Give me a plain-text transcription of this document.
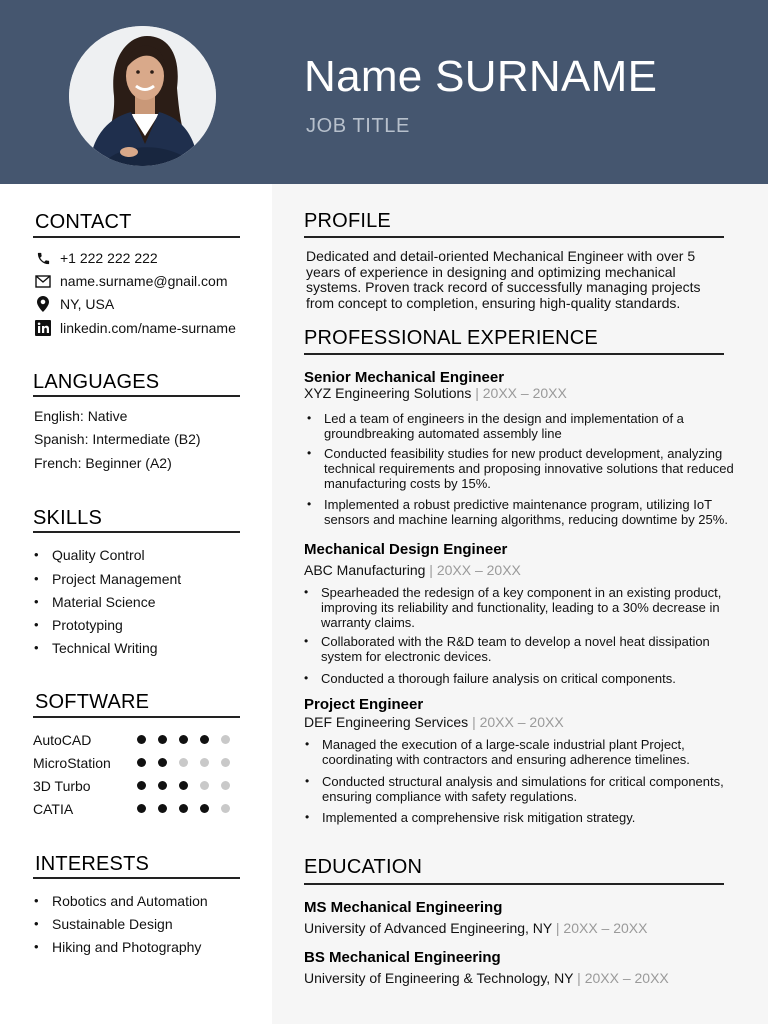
Name SURNAME
JOB TITLE
CONTACT
+1 222 222 222
name.surname@gnail.com
NY, USA
linkedin.com/name-surname
LANGUAGES
English: Native
Spanish: Intermediate (B2)
French: Beginner (A2)
SKILLS
• Quality Control
• Project Management
• Material Science
• Prototyping
• Technical Writing
SOFTWARE
AutoCAD
MicroStation
3D Turbo
CATIA
INTERESTS
• Robotics and Automation
• Sustainable Design
• Hiking and Photography
PROFILE
Dedicated and detail-oriented Mechanical Engineer with over 5 years of experience in designing and optimizing mechanical systems. Proven track record of successfully managing projects from concept to completion, ensuring high-quality standards.
PROFESSIONAL EXPERIENCE
Senior Mechanical Engineer
XYZ Engineering Solutions | 20XX – 20XX
• Led a team of engineers in the design and implementation of a groundbreaking automated assembly line
• Conducted feasibility studies for new product development, analyzing technical requirements and proposing innovative solutions that reduced manufacturing costs by 15%.
• Implemented a robust predictive maintenance program, utilizing IoT sensors and machine learning algorithms, reducing downtime by 25%.
Mechanical Design Engineer
ABC Manufacturing | 20XX – 20XX
• Spearheaded the redesign of a key component in an existing product, improving its reliability and functionality, leading to a 30% decrease in warranty claims.
• Collaborated with the R&D team to develop a novel heat dissipation system for electronic devices.
• Conducted a thorough failure analysis on critical components.
Project Engineer
DEF Engineering Services | 20XX – 20XX
• Managed the execution of a large-scale industrial plant Project, coordinating with contractors and ensuring adherence timelines.
• Conducted structural analysis and simulations for critical components, ensuring compliance with safety regulations.
• Implemented a comprehensive risk mitigation strategy.
EDUCATION
MS Mechanical Engineering
University of Advanced Engineering, NY | 20XX – 20XX
BS Mechanical Engineering
University of Engineering & Technology, NY | 20XX – 20XX
